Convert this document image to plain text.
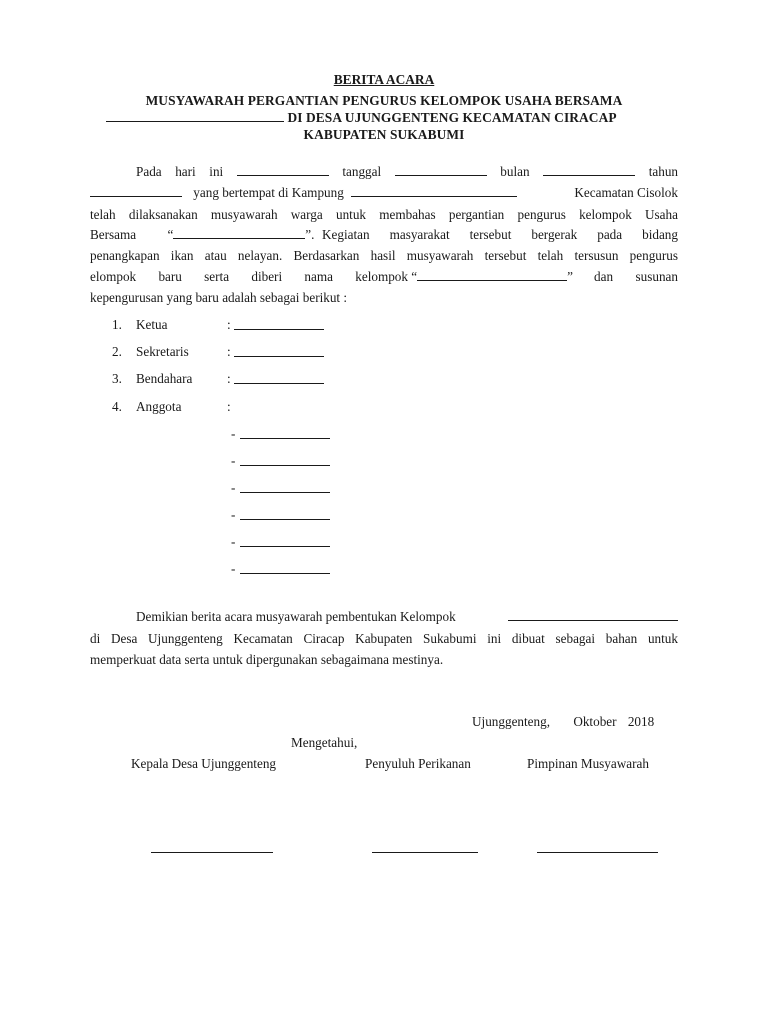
BERITA ACARA
MUSYAWARAH PERGANTIAN PENGURUS KELOMPOK USAHA BERSAMA
DI DESA UJUNGGENTENG KECAMATAN CIRACAP
KABUPATEN SUKABUMI
Pada hari ini	tanggal	bulan	tahun
yang bertempat di Kampung	Kecamatan Cisolok
telah dilaksanakan musyawarah warga untuk membahas pergantian pengurus kelompok Usaha
Bersama “	”. Kegiatan masyarakat tersebut bergerak pada bidang
penangkapan ikan atau nelayan. Berdasarkan hasil musyawarah tersebut telah tersusun pengurus
elompok baru serta diberi nama kelompok “	” dan susunan
kepengurusan yang baru adalah sebagai berikut :
1. Ketua	:
2. Sekretaris	:
3. Bendahara	:
4. Anggota	:
-
-
-
-
-
-
Demikian berita acara musyawarah pembentukan Kelompok
di Desa Ujunggenteng Kecamatan Ciracap Kabupaten Sukabumi ini dibuat sebagai bahan untuk
memperkuat data serta untuk dipergunakan sebagaimana mestinya.
Ujunggenteng, Oktober 2018
Mengetahui,
Kepala Desa Ujunggenteng	Penyuluh Perikanan	Pimpinan Musyawarah
